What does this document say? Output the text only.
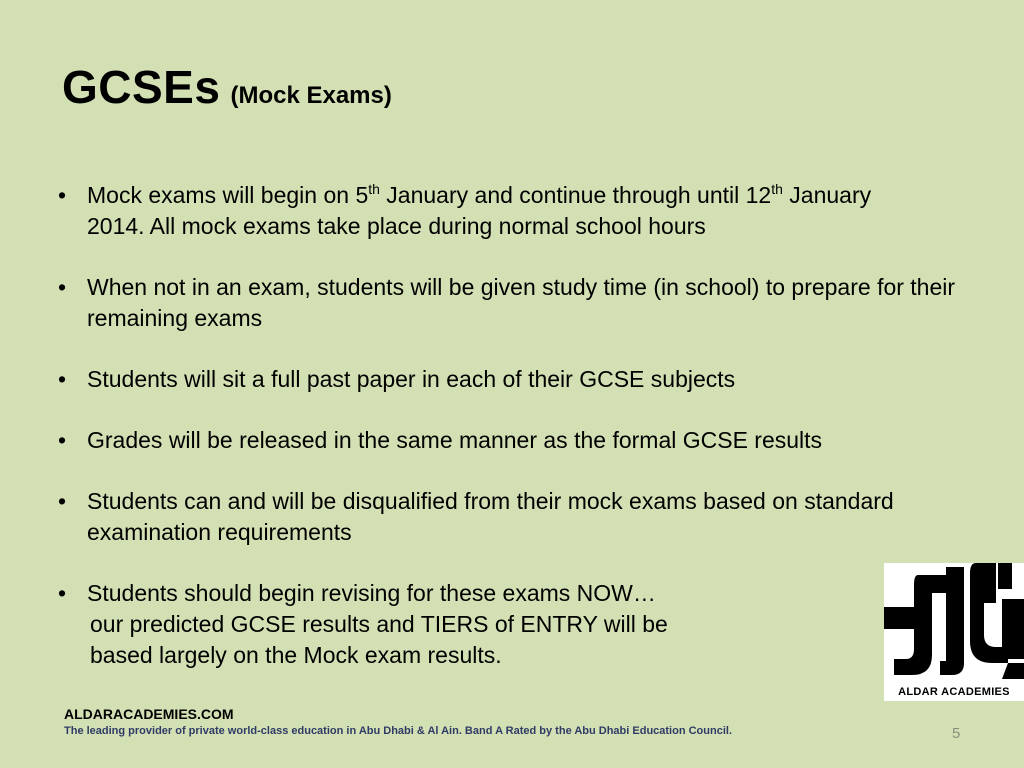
GCSEs (Mock Exams)
• Mock exams will begin on 5th January and continue through until 12th January
2014. All mock exams take place during normal school hours
• When not in an exam, students will be given study time (in school) to prepare for their remaining exams
• Students will sit a full past paper in each of their GCSE subjects
• Grades will be released in the same manner as the formal GCSE results
• Students can and will be disqualified from their mock exams based on standard examination requirements
• Students should begin revising for these exams NOW…
our predicted GCSE results and TIERS of ENTRY will be
based largely on the Mock exam results.
ALDAR ACADEMIES
ALDARACADEMIES.COM
The leading provider of private world-class education in Abu Dhabi & Al Ain. Band A Rated by the Abu Dhabi Education Council.	5
